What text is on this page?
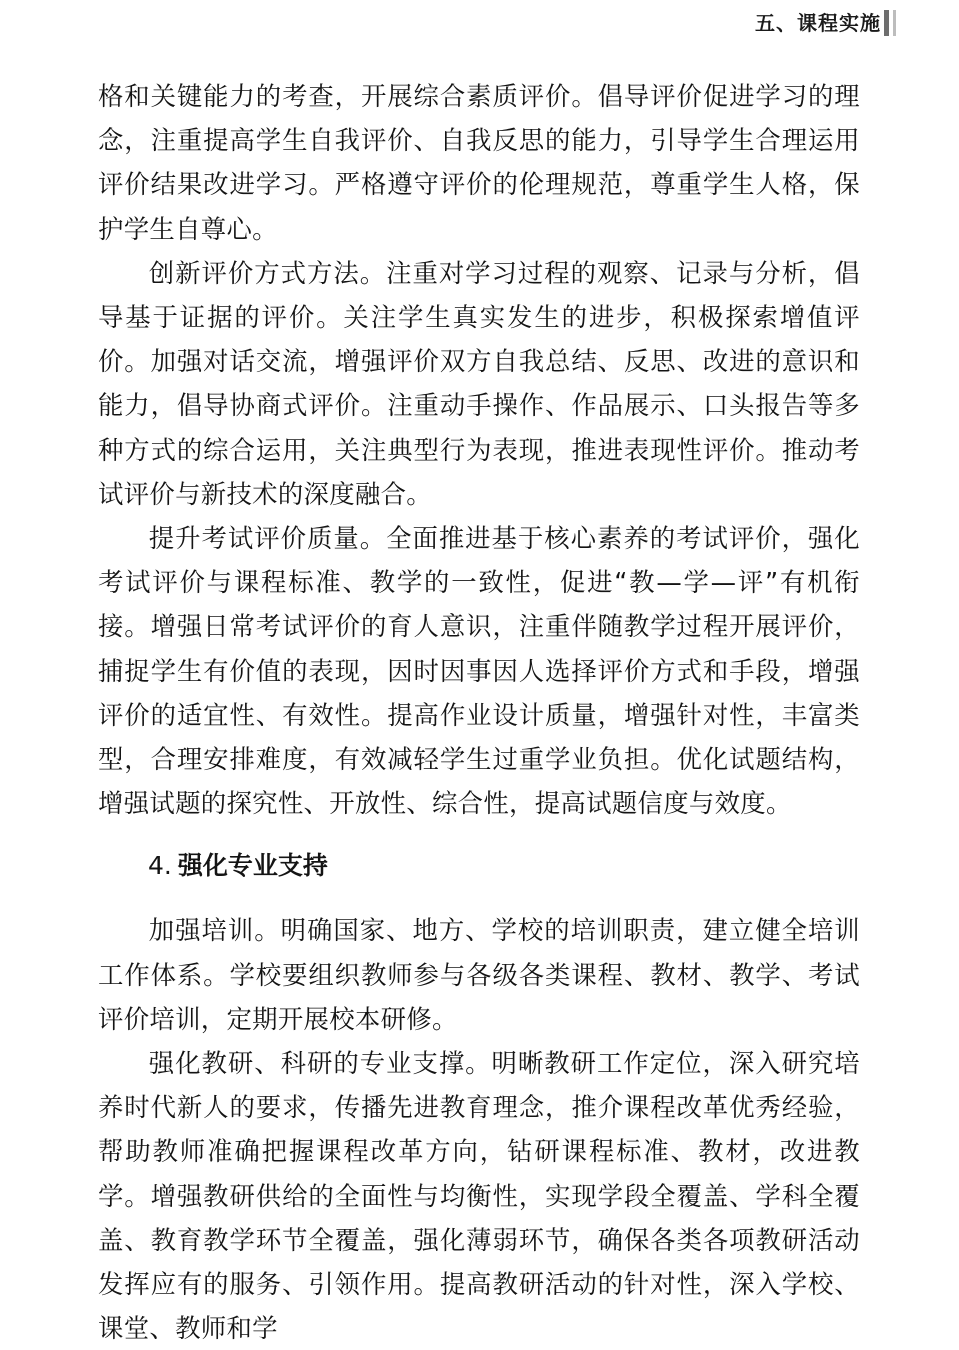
五、课程实施

格和关键能力的考查，开展综合素质评价。倡导评价促进学习的理念，注重提高学生自我评价、自我反思的能力，引导学生合理运用评价结果改进学习。严格遵守评价的伦理规范，尊重学生人格，保护学生自尊心。

创新评价方式方法。注重对学习过程的观察、记录与分析，倡导基于证据的评价。关注学生真实发生的进步，积极探索增值评价。加强对话交流，增强评价双方自我总结、反思、改进的意识和能力，倡导协商式评价。注重动手操作、作品展示、口头报告等多种方式的综合运用，关注典型行为表现，推进表现性评价。推动考试评价与新技术的深度融合。

提升考试评价质量。全面推进基于核心素养的考试评价，强化考试评价与课程标准、教学的一致性，促进“教—学—评”有机衔接。增强日常考试评价的育人意识，注重伴随教学过程开展评价，捕捉学生有价值的表现，因时因事因人选择评价方式和手段，增强评价的适宜性、有效性。提高作业设计质量，增强针对性，丰富类型，合理安排难度，有效减轻学生过重学业负担。优化试题结构，增强试题的探究性、开放性、综合性，提高试题信度与效度。

4. 强化专业支持

加强培训。明确国家、地方、学校的培训职责，建立健全培训工作体系。学校要组织教师参与各级各类课程、教材、教学、考试评价培训，定期开展校本研修。

强化教研、科研的专业支撑。明晰教研工作定位，深入研究培养时代新人的要求，传播先进教育理念，推介课程改革优秀经验，帮助教师准确把握课程改革方向，钻研课程标准、教材，改进教学。增强教研供给的全面性与均衡性，实现学段全覆盖、学科全覆盖、教育教学环节全覆盖，强化薄弱环节，确保各类各项教研活动发挥应有的服务、引领作用。提高教研活动的针对性，深入学校、课堂、教师和学
